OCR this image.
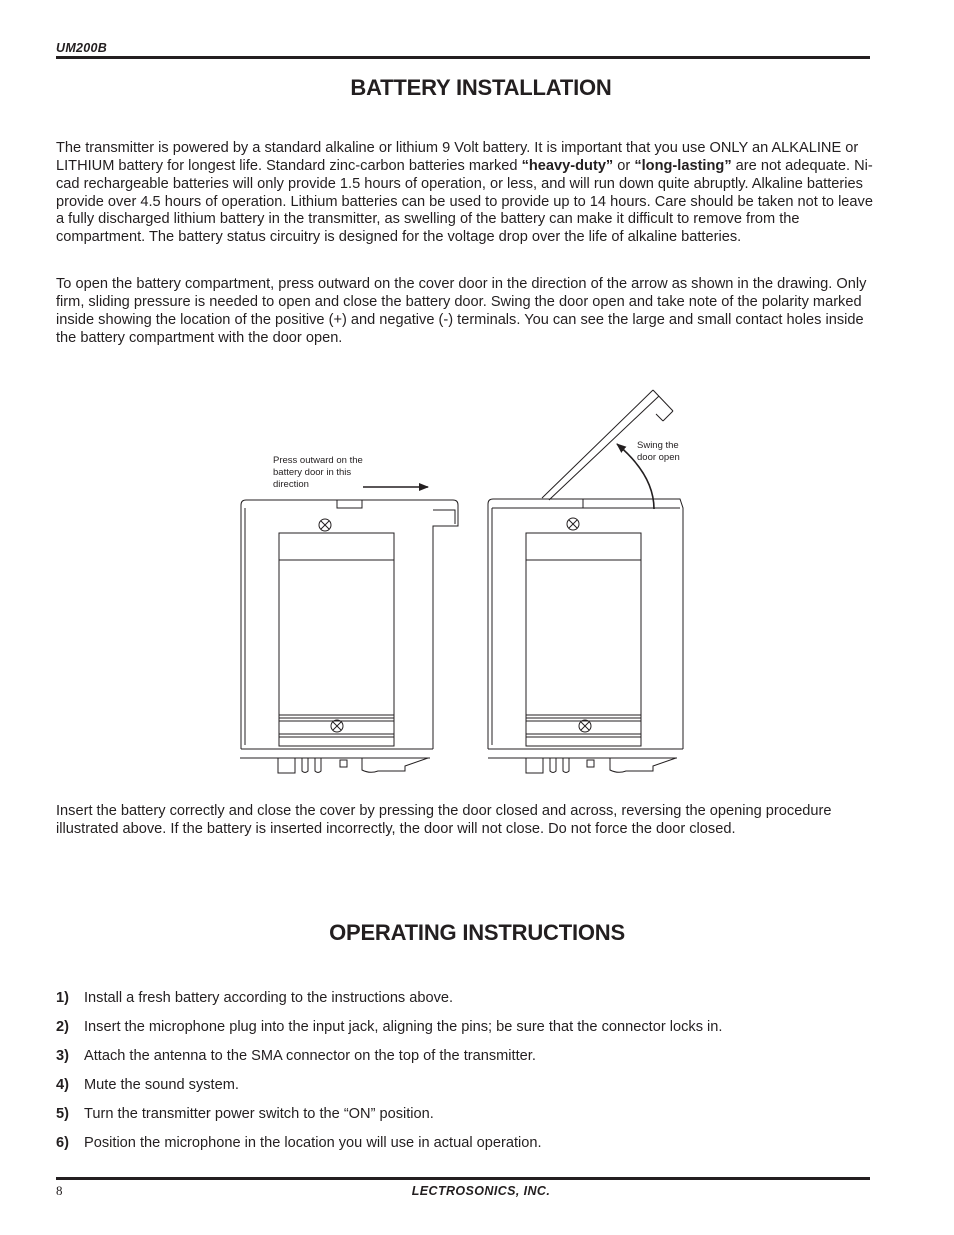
UM200B
BATTERY INSTALLATION

The transmitter is powered by a standard alkaline or lithium 9 Volt battery. It is important that you use ONLY an ALKALINE or LITHIUM battery for longest life. Standard zinc-carbon batteries marked “heavy-duty” or “long-lasting” are not adequate. Ni-cad rechargeable batteries will only provide 1.5 hours of operation, or less, and will run down quite abruptly. Alkaline batteries provide over 4.5 hours of operation. Lithium batteries can be used to provide up to 14 hours. Care should be taken not to leave a fully discharged lithium battery in the transmitter, as swelling of the battery can make it difficult to remove from the compartment. The battery status circuitry is designed for the voltage drop over the life of alkaline batteries.

To open the battery compartment, press outward on the cover door in the direction of the arrow as shown in the drawing. Only firm, sliding pressure is needed to open and close the battery door. Swing the door open and take note of the polarity marked inside showing the location of the positive (+) and negative (-) terminals. You can see the large and small contact holes inside the battery compartment with the door open.

Press outward on the battery door in this direction
Swing the door open

Insert the battery correctly and close the cover by pressing the door closed and across, reversing the opening procedure illustrated above. If the battery is inserted incorrectly, the door will not close. Do not force the door closed.

OPERATING INSTRUCTIONS
1) Install a fresh battery according to the instructions above.
2) Insert the microphone plug into the input jack, aligning the pins; be sure that the connector locks in.
3) Attach the antenna to the SMA connector on the top of the transmitter.
4) Mute the sound system.
5) Turn the transmitter power switch to the “ON” position.
6) Position the microphone in the location you will use in actual operation.
8	LECTROSONICS, INC.
